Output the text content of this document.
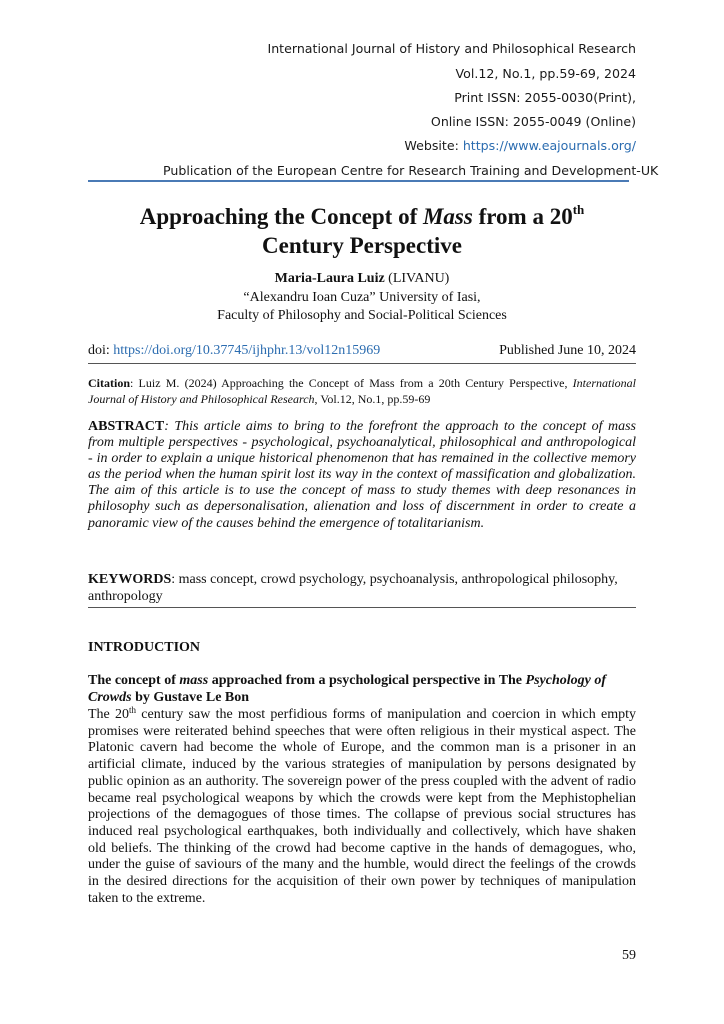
International Journal of History and Philosophical Research
Vol.12, No.1, pp.59-69, 2024
Print ISSN: 2055-0030(Print),
Online ISSN: 2055-0049 (Online)
Website: https://www.eajournals.org/
Publication of the European Centre for Research Training and Development-UK
Approaching the Concept of Mass from a 20th
Century Perspective
Maria-Laura Luiz (LIVANU)
“Alexandru Ioan Cuza” University of Iasi,
Faculty of Philosophy and Social-Political Sciences
doi: https://doi.org/10.37745/ijhphr.13/vol12n15969	Published June 10, 2024
Citation: Luiz M. (2024) Approaching the Concept of Mass from a 20th Century Perspective, International Journal of History and Philosophical Research, Vol.12, No.1, pp.59-69
ABSTRACT: This article aims to bring to the forefront the approach to the concept of mass from multiple perspectives - psychological, psychoanalytical, philosophical and anthropological - in order to explain a unique historical phenomenon that has remained in the collective memory as the period when the human spirit lost its way in the context of massification and globalization. The aim of this article is to use the concept of mass to study themes with deep resonances in philosophy such as depersonalisation, alienation and loss of discernment in order to create a panoramic view of the causes behind the emergence of totalitarianism.
KEYWORDS: mass concept, crowd psychology, psychoanalysis, anthropological philosophy, anthropology
INTRODUCTION
The concept of mass approached from a psychological perspective in The Psychology of Crowds by Gustave Le Bon
The 20th century saw the most perfidious forms of manipulation and coercion in which empty promises were reiterated behind speeches that were often religious in their mystical aspect. The Platonic cavern had become the whole of Europe, and the common man is a prisoner in an artificial climate, induced by the various strategies of manipulation by persons designated by public opinion as an authority. The sovereign power of the press coupled with the advent of radio became real psychological weapons by which the crowds were kept from the Mephistophelian projections of the demagogues of those times. The collapse of previous social structures has induced real psychological earthquakes, both individually and collectively, which have shaken old beliefs. The thinking of the crowd had become captive in the hands of demagogues, who, under the guise of saviours of the many and the humble, would direct the feelings of the crowds in the desired directions for the acquisition of their own power by techniques of manipulation taken to the extreme.
59
